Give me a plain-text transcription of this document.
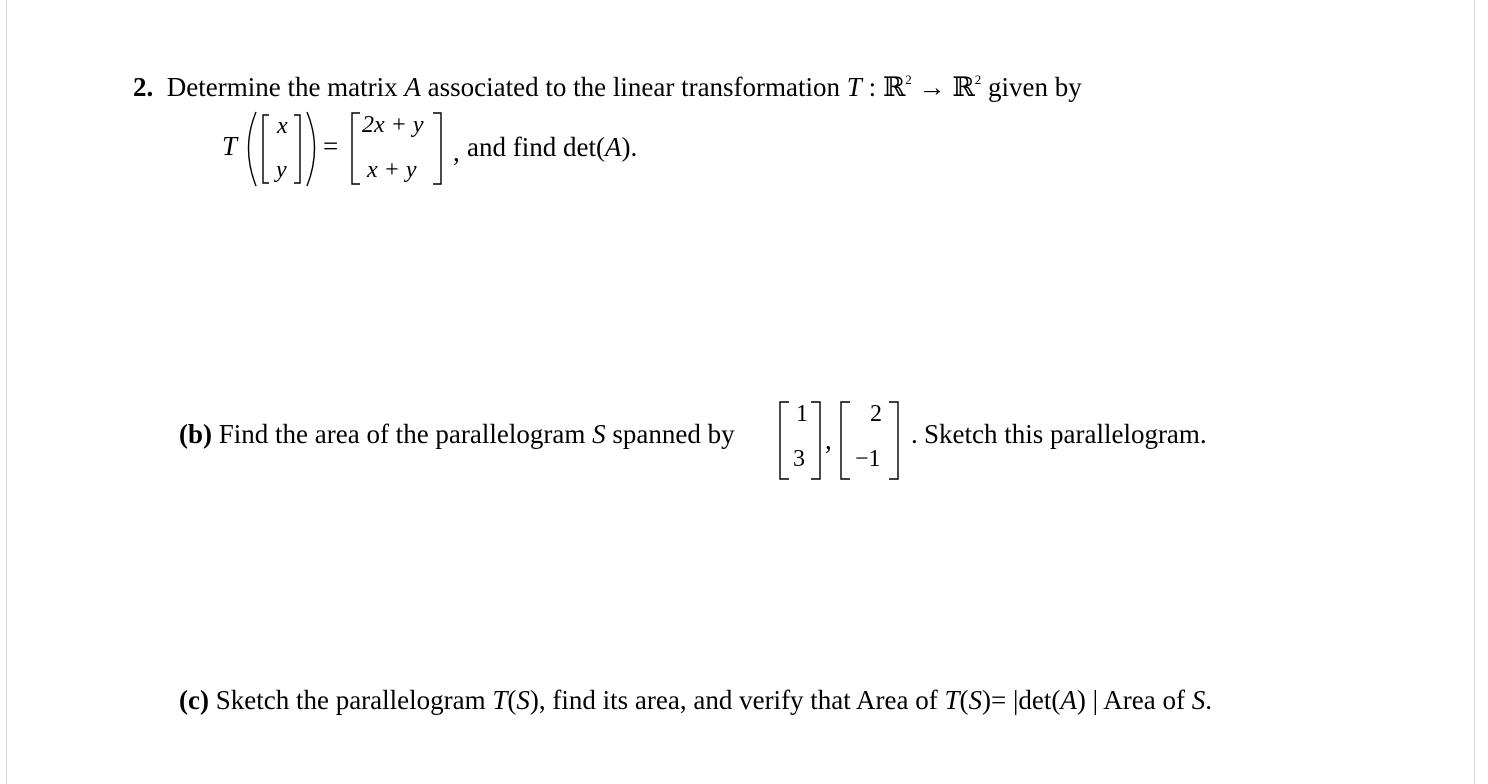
2. Determine the matrix A associated to the linear transformation T : ℝ$^2$ → ℝ$^2$ given by
T
x
y
=
2x + y
x + y
, and find det(A).
(b) Find the area of the parallelogram S spanned by
1
3
,
2
−1
. Sketch this parallelogram.
(c) Sketch the parallelogram T(S), find its area, and verify that Area of T(S)= |det(A) | Area of S.
